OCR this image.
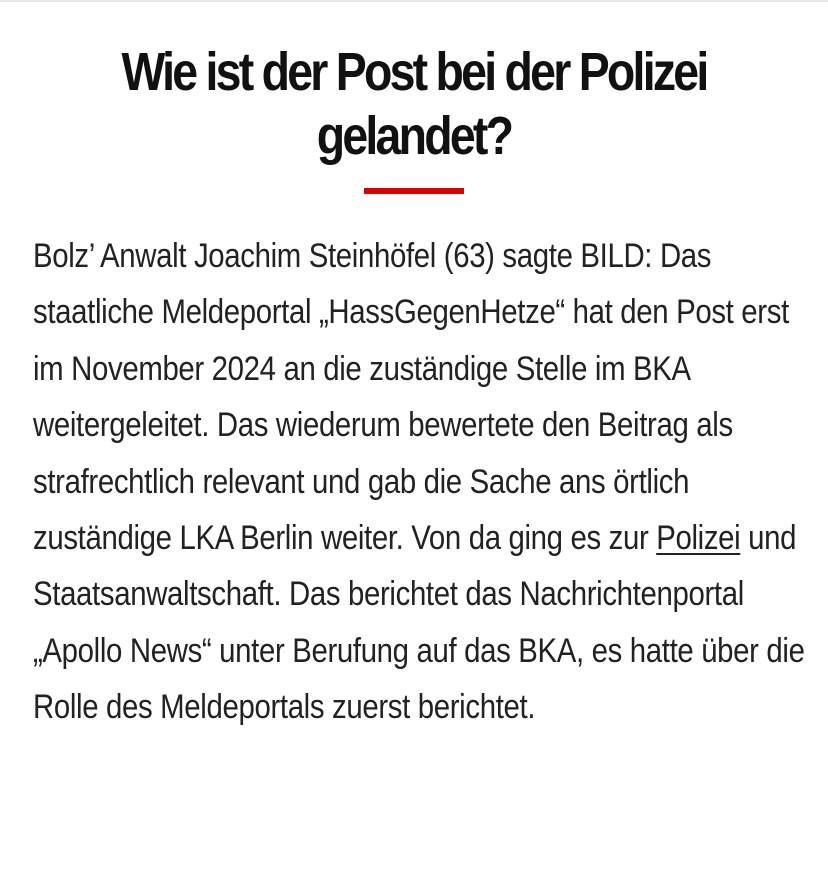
Wie ist der Post bei der Polizei gelandet?

Bolz’ Anwalt Joachim Steinhöfel (63) sagte BILD: Das staatliche Meldeportal „HassGegenHetze“ hat den Post erst im November 2024 an die zuständige Stelle im BKA weitergeleitet. Das wiederum bewertete den Beitrag als strafrechtlich relevant und gab die Sache ans örtlich zuständige LKA Berlin weiter. Von da ging es zur Polizei und Staatsanwaltschaft. Das berichtet das Nachrichtenportal „Apollo News“ unter Berufung auf das BKA, es hatte über die Rolle des Meldeportals zuerst berichtet.
